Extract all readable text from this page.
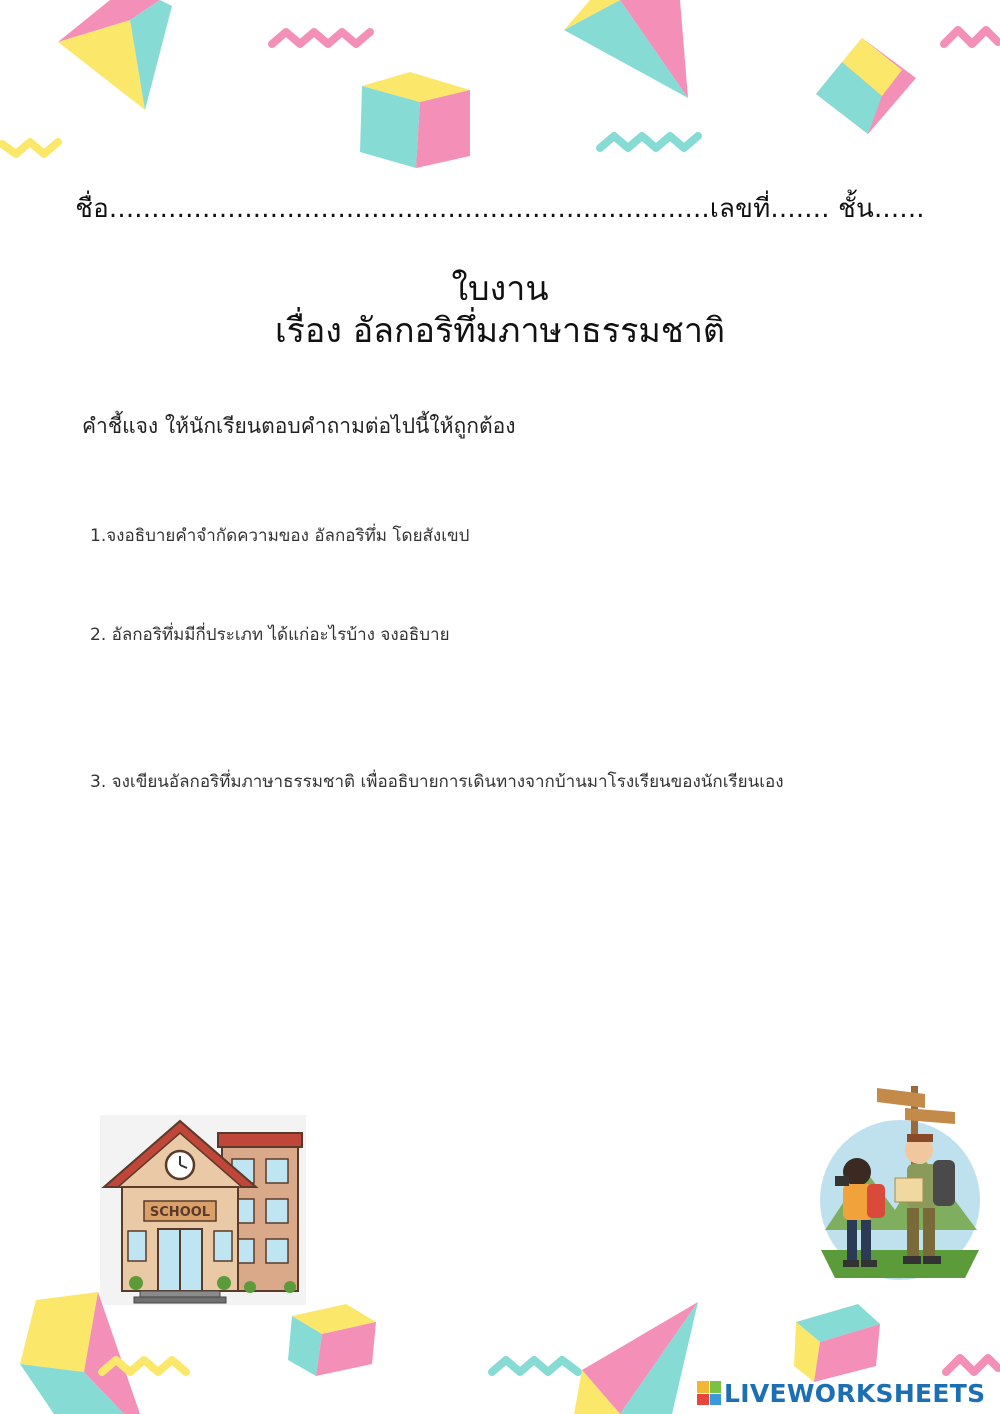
ชื่อ.......................................................................เลขที่....... ชั้น......
ใบงาน
เรื่อง อัลกอริทึ่มภาษาธรรมชาติ
คำชี้แจง ให้นักเรียนตอบคำถามต่อไปนี้ให้ถูกต้อง
1.จงอธิบายคำจำกัดความของ อัลกอริทึ่ม โดยสังเขป
2. อัลกอริทึ่มมีกี่ประเภท ได้แก่อะไรบ้าง จงอธิบาย
3. จงเขียนอัลกอริทึ่มภาษาธรรมชาติ เพื่ออธิบายการเดินทางจากบ้านมาโรงเรียนของนักเรียนเอง
SCHOOL
LIVEWORKSHEETS
